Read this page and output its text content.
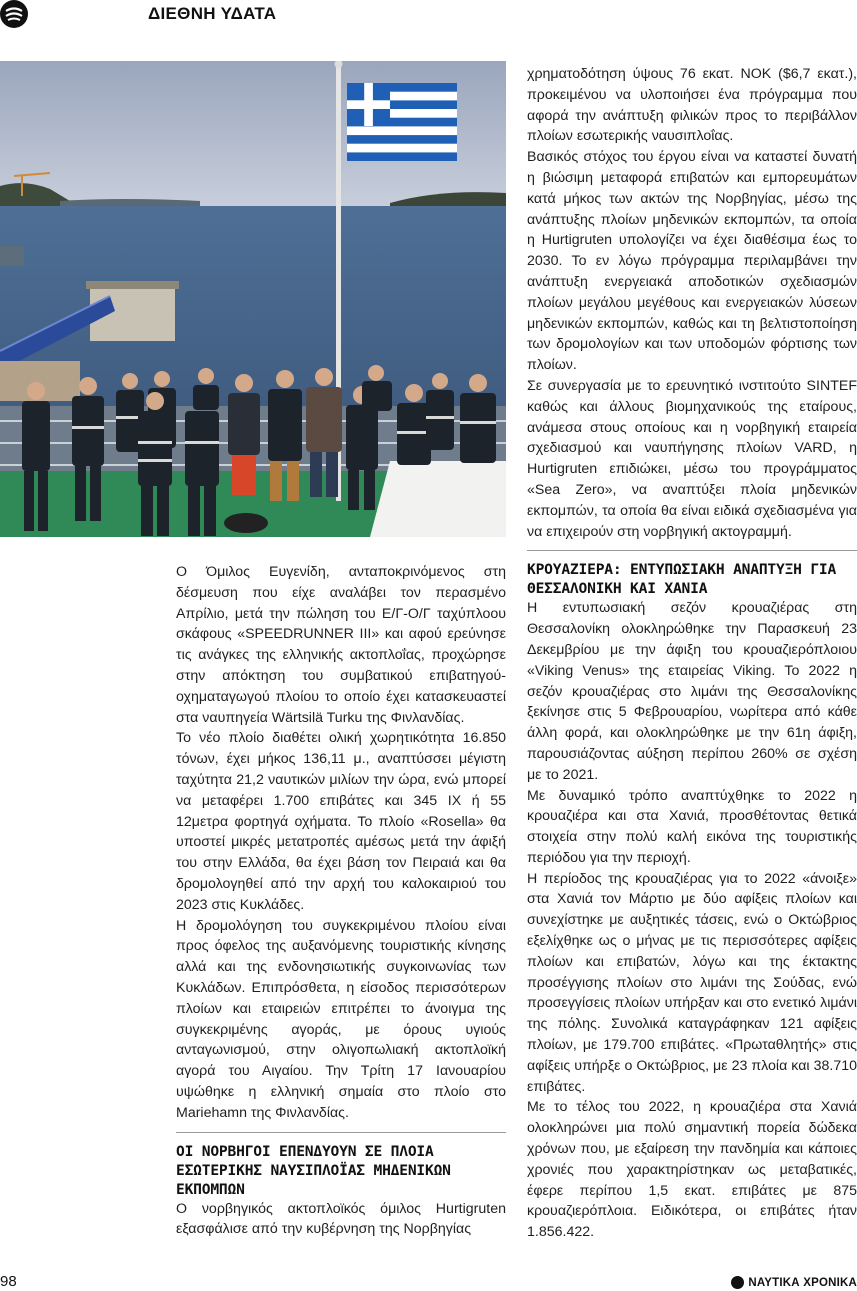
ΔΙΕΘΝΗ ΥΔΑΤΑ

Ο Όμιλος Ευγενίδη, ανταποκρινόμενος στη δέσμευση που είχε αναλάβει τον περασμένο Απρίλιο, μετά την πώληση του Ε/Γ-Ο/Γ ταχύπλοου σκάφους «SPEEDRUNNER III» και αφού ερεύνησε τις ανάγκες της ελληνικής ακτοπλοΐας, προχώρησε στην απόκτηση του συμβατικού επιβατηγού-οχηματαγωγού πλοίου το οποίο έχει κατασκευαστεί στα ναυπηγεία Wärtsilä Turku της Φινλανδίας.

Το νέο πλοίο διαθέτει ολική χωρητικότητα 16.850 τόνων, έχει μήκος 136,11 μ., αναπτύσσει μέγιστη ταχύτητα 21,2 ναυτικών μιλίων την ώρα, ενώ μπορεί να μεταφέρει 1.700 επιβάτες και 345 ΙΧ ή 55 12μετρα φορτηγά οχήματα. Το πλοίο «Rosella» θα υποστεί μικρές μετατροπές αμέσως μετά την άφιξή του στην Ελλάδα, θα έχει βάση τον Πειραιά και θα δρομολογηθεί από την αρχή του καλοκαιριού του 2023 στις Κυκλάδες.

Η δρομολόγηση του συγκεκριμένου πλοίου είναι προς όφελος της αυξανόμενης τουριστικής κίνησης αλλά και της ενδονησιωτικής συγκοινωνίας των Κυκλάδων. Επιπρόσθετα, η είσοδος περισσότερων πλοίων και εταιρειών επιτρέπει το άνοιγμα της συγκεκριμένης αγοράς, με όρους υγιούς ανταγωνισμού, στην ολιγοπωλιακή ακτοπλοϊκή αγορά του Αιγαίου. Την Τρίτη 17 Ιανουαρίου υψώθηκε η ελληνική σημαία στο πλοίο στο Mariehamn της Φινλανδίας.

ΟΙ ΝΟΡΒΗΓΟΙ ΕΠΕΝΔΥΟΥΝ ΣΕ ΠΛΟΙΑ ΕΣΩΤΕΡΙΚΗΣ ΝΑΥΣΙΠΛΟΪΑΣ ΜΗΔΕΝΙΚΩΝ ΕΚΠΟΜΠΩΝ

Ο νορβηγικός ακτοπλοϊκός όμιλος Hurtigruten εξασφάλισε από την κυβέρνηση της Νορβηγίας

χρηματοδότηση ύψους 76 εκατ. NOK ($6,7 εκατ.), προκειμένου να υλοποιήσει ένα πρόγραμμα που αφορά την ανάπτυξη φιλικών προς το περιβάλλον πλοίων εσωτερικής ναυσιπλοΐας.

Βασικός στόχος του έργου είναι να καταστεί δυνατή η βιώσιμη μεταφορά επιβατών και εμπορευμάτων κατά μήκος των ακτών της Νορβηγίας, μέσω της ανάπτυξης πλοίων μηδενικών εκπομπών, τα οποία η Hurtigruten υπολογίζει να έχει διαθέσιμα έως το 2030. Το εν λόγω πρόγραμμα περιλαμβάνει την ανάπτυξη ενεργειακά αποδοτικών σχεδιασμών πλοίων μεγάλου μεγέθους και ενεργειακών λύσεων μηδενικών εκπομπών, καθώς και τη βελτιστοποίηση των δρομολογίων και των υποδομών φόρτισης των πλοίων.

Σε συνεργασία με το ερευνητικό ινστιτούτο SINTEF καθώς και άλλους βιομηχανικούς της εταίρους, ανάμεσα στους οποίους και η νορβηγική εταιρεία σχεδιασμού και ναυπήγησης πλοίων VARD, η Hurtigruten επιδιώκει, μέσω του προγράμματος «Sea Zero», να αναπτύξει πλοία μηδενικών εκπομπών, τα οποία θα είναι ειδικά σχεδιασμένα για να επιχειρούν στη νορβηγική ακτογραμμή.

ΚΡΟΥΑΖΙΕΡΑ: ΕΝΤΥΠΩΣΙΑΚΗ ΑΝΑΠΤΥΞΗ ΓΙΑ ΘΕΣΣΑΛΟΝΙΚΗ ΚΑΙ ΧΑΝΙΑ

Η εντυπωσιακή σεζόν κρουαζιέρας στη Θεσσαλονίκη ολοκληρώθηκε την Παρασκευή 23 Δεκεμβρίου με την άφιξη του κρουαζιερόπλοιου «Viking Venus» της εταιρείας Viking. Το 2022 η σεζόν κρουαζιέρας στο λιμάνι της Θεσσαλονίκης ξεκίνησε στις 5 Φεβρουαρίου, νωρίτερα από κάθε άλλη φορά, και ολοκληρώθηκε με την 61η άφιξη, παρουσιάζοντας αύξηση περίπου 260% σε σχέση με το 2021.

Με δυναμικό τρόπο αναπτύχθηκε το 2022 η κρουαζιέρα και στα Χανιά, προσθέτοντας θετικά στοιχεία στην πολύ καλή εικόνα της τουριστικής περιόδου για την περιοχή.

Η περίοδος της κρουαζιέρας για το 2022 «άνοιξε» στα Χανιά τον Μάρτιο με δύο αφίξεις πλοίων και συνεχίστηκε με αυξητικές τάσεις, ενώ ο Οκτώβριος εξελίχθηκε ως ο μήνας με τις περισσότερες αφίξεις πλοίων και επιβατών, λόγω και της έκτακτης προσέγγισης πλοίων στο λιμάνι της Σούδας, ενώ προσεγγίσεις πλοίων υπήρξαν και στο ενετικό λιμάνι της πόλης. Συνολικά καταγράφηκαν 121 αφίξεις πλοίων, με 179.700 επιβάτες. «Πρωταθλητής» στις αφίξεις υπήρξε ο Οκτώβριος, με 23 πλοία και 38.710 επιβάτες.

Με το τέλος του 2022, η κρουαζιέρα στα Χανιά ολοκληρώνει μια πολύ σημαντική πορεία δώδεκα χρόνων που, με εξαίρεση την πανδημία και κάποιες χρονιές που χαρακτηρίστηκαν ως μεταβατικές, έφερε περίπου 1,5 εκατ. επιβάτες με 875 κρουαζιερόπλοια. Ειδικότερα, οι επιβάτες ήταν 1.856.422.

98	ΝΑΥΤΙΚΑ ΧΡΟΝΙΚΑ
